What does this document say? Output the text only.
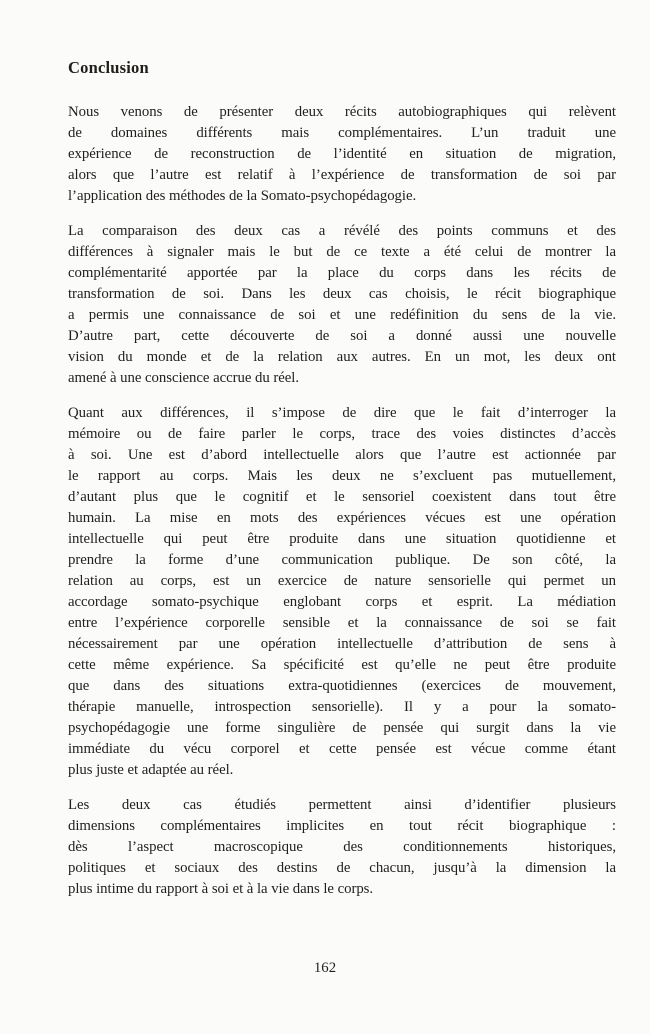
Conclusion
Nous venons de présenter deux récits autobiographiques qui relèvent
de domaines différents mais complémentaires. L’un traduit une
expérience de reconstruction de l’identité en situation de migration,
alors que l’autre est relatif à l’expérience de transformation de soi par
l’application des méthodes de la Somato-psychopédagogie.
La comparaison des deux cas a révélé des points communs et des
différences à signaler mais le but de ce texte a été celui de montrer la
complémentarité apportée par la place du corps dans les récits de
transformation de soi. Dans les deux cas choisis, le récit biographique
a permis une connaissance de soi et une redéfinition du sens de la vie.
D’autre part, cette découverte de soi a donné aussi une nouvelle
vision du monde et de la relation aux autres. En un mot, les deux ont
amené à une conscience accrue du réel.
Quant aux différences, il s’impose de dire que le fait d’interroger la
mémoire ou de faire parler le corps, trace des voies distinctes d’accès
à soi. Une est d’abord intellectuelle alors que l’autre est actionnée par
le rapport au corps. Mais les deux ne s’excluent pas mutuellement,
d’autant plus que le cognitif et le sensoriel coexistent dans tout être
humain. La mise en mots des expériences vécues est une opération
intellectuelle qui peut être produite dans une situation quotidienne et
prendre la forme d’une communication publique. De son côté, la
relation au corps, est un exercice de nature sensorielle qui permet un
accordage somato-psychique englobant corps et esprit. La médiation
entre l’expérience corporelle sensible et la connaissance de soi se fait
nécessairement par une opération intellectuelle d’attribution de sens à
cette même expérience. Sa spécificité est qu’elle ne peut être produite
que dans des situations extra-quotidiennes (exercices de mouvement,
thérapie manuelle, introspection sensorielle). Il y a pour la somato-
psychopédagogie une forme singulière de pensée qui surgit dans la vie
immédiate du vécu corporel et cette pensée est vécue comme étant
plus juste et adaptée au réel.
Les deux cas étudiés permettent ainsi d’identifier plusieurs
dimensions complémentaires implicites en tout récit biographique :
dès l’aspect macroscopique des conditionnements historiques,
politiques et sociaux des destins de chacun, jusqu’à la dimension la
plus intime du rapport à soi et à la vie dans le corps.
162
